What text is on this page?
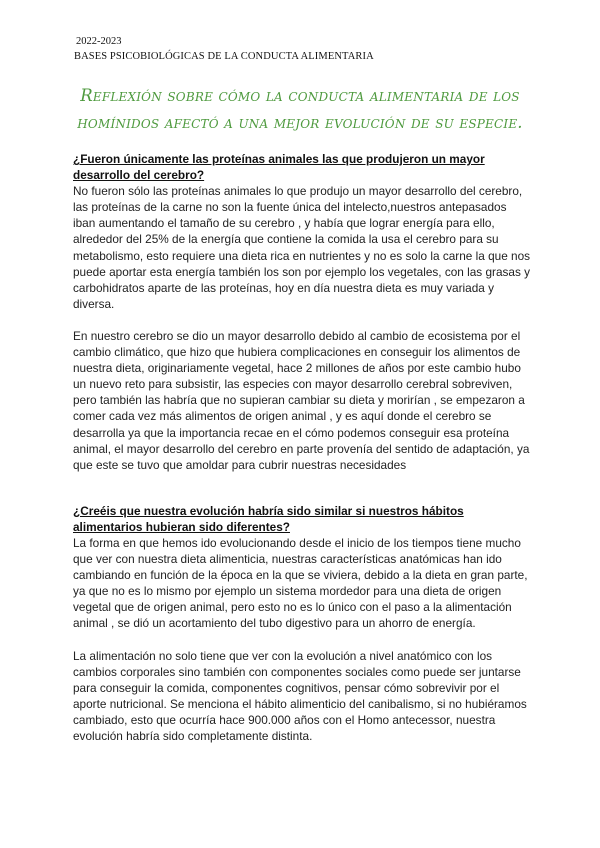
2022-2023
BASES PSICOBIOLÓGICAS DE LA CONDUCTA ALIMENTARIA
Reflexión sobre cómo la conducta alimentaria de los homínidos afectó a una mejor evolución de su especie.

¿Fueron únicamente las proteínas animales las que produjeron un mayor desarrollo del cerebro?

No fueron sólo las proteínas animales lo que produjo un mayor desarrollo del cerebro, las proteínas de la carne no son la fuente única del intelecto,nuestros antepasados iban aumentando el tamaño de su cerebro , y había que lograr energía para ello, alrededor del 25% de la energía que contiene la comida la usa el cerebro para su metabolismo, esto requiere una dieta rica en nutrientes y no es solo la carne la que nos puede aportar esta energía también los son por ejemplo los vegetales, con las grasas y carbohidratos aparte de las proteínas, hoy en día nuestra dieta es muy variada y diversa.

En nuestro cerebro se dio un mayor desarrollo debido al cambio de ecosistema por el cambio climático, que hizo que hubiera complicaciones en conseguir los alimentos de nuestra dieta, originariamente vegetal, hace 2 millones de años por este cambio hubo un nuevo reto para subsistir, las especies con mayor desarrollo cerebral sobreviven, pero también las habría que no supieran cambiar su dieta y morirían , se empezaron a comer cada vez más alimentos de origen animal , y es aquí donde el cerebro se desarrolla ya que la importancia recae en el cómo podemos conseguir esa proteína animal, el mayor desarrollo del cerebro en parte provenía del sentido de adaptación, ya que este se tuvo que amoldar para cubrir nuestras necesidades

¿Creéis que nuestra evolución habría sido similar si nuestros hábitos alimentarios hubieran sido diferentes?

La forma en que hemos ido evolucionando desde el inicio de los tiempos tiene mucho que ver con nuestra dieta alimenticia, nuestras características anatómicas han ido cambiando en función de la época en la que se viviera, debido a la dieta en gran parte, ya que no es lo mismo por ejemplo un sistema mordedor para una dieta de origen vegetal que de origen animal, pero esto no es lo único con el paso a la alimentación animal , se dió un acortamiento del tubo digestivo para un ahorro de energía.

La alimentación no solo tiene que ver con la evolución a nivel anatómico con los cambios corporales sino también con componentes sociales como puede ser juntarse para conseguir la comida, componentes cognitivos, pensar cómo sobrevivir por el aporte nutricional. Se menciona el hábito alimenticio del canibalismo, si no hubiéramos cambiado, esto que ocurría hace 900.000 años con el Homo antecessor, nuestra evolución habría sido completamente distinta.
